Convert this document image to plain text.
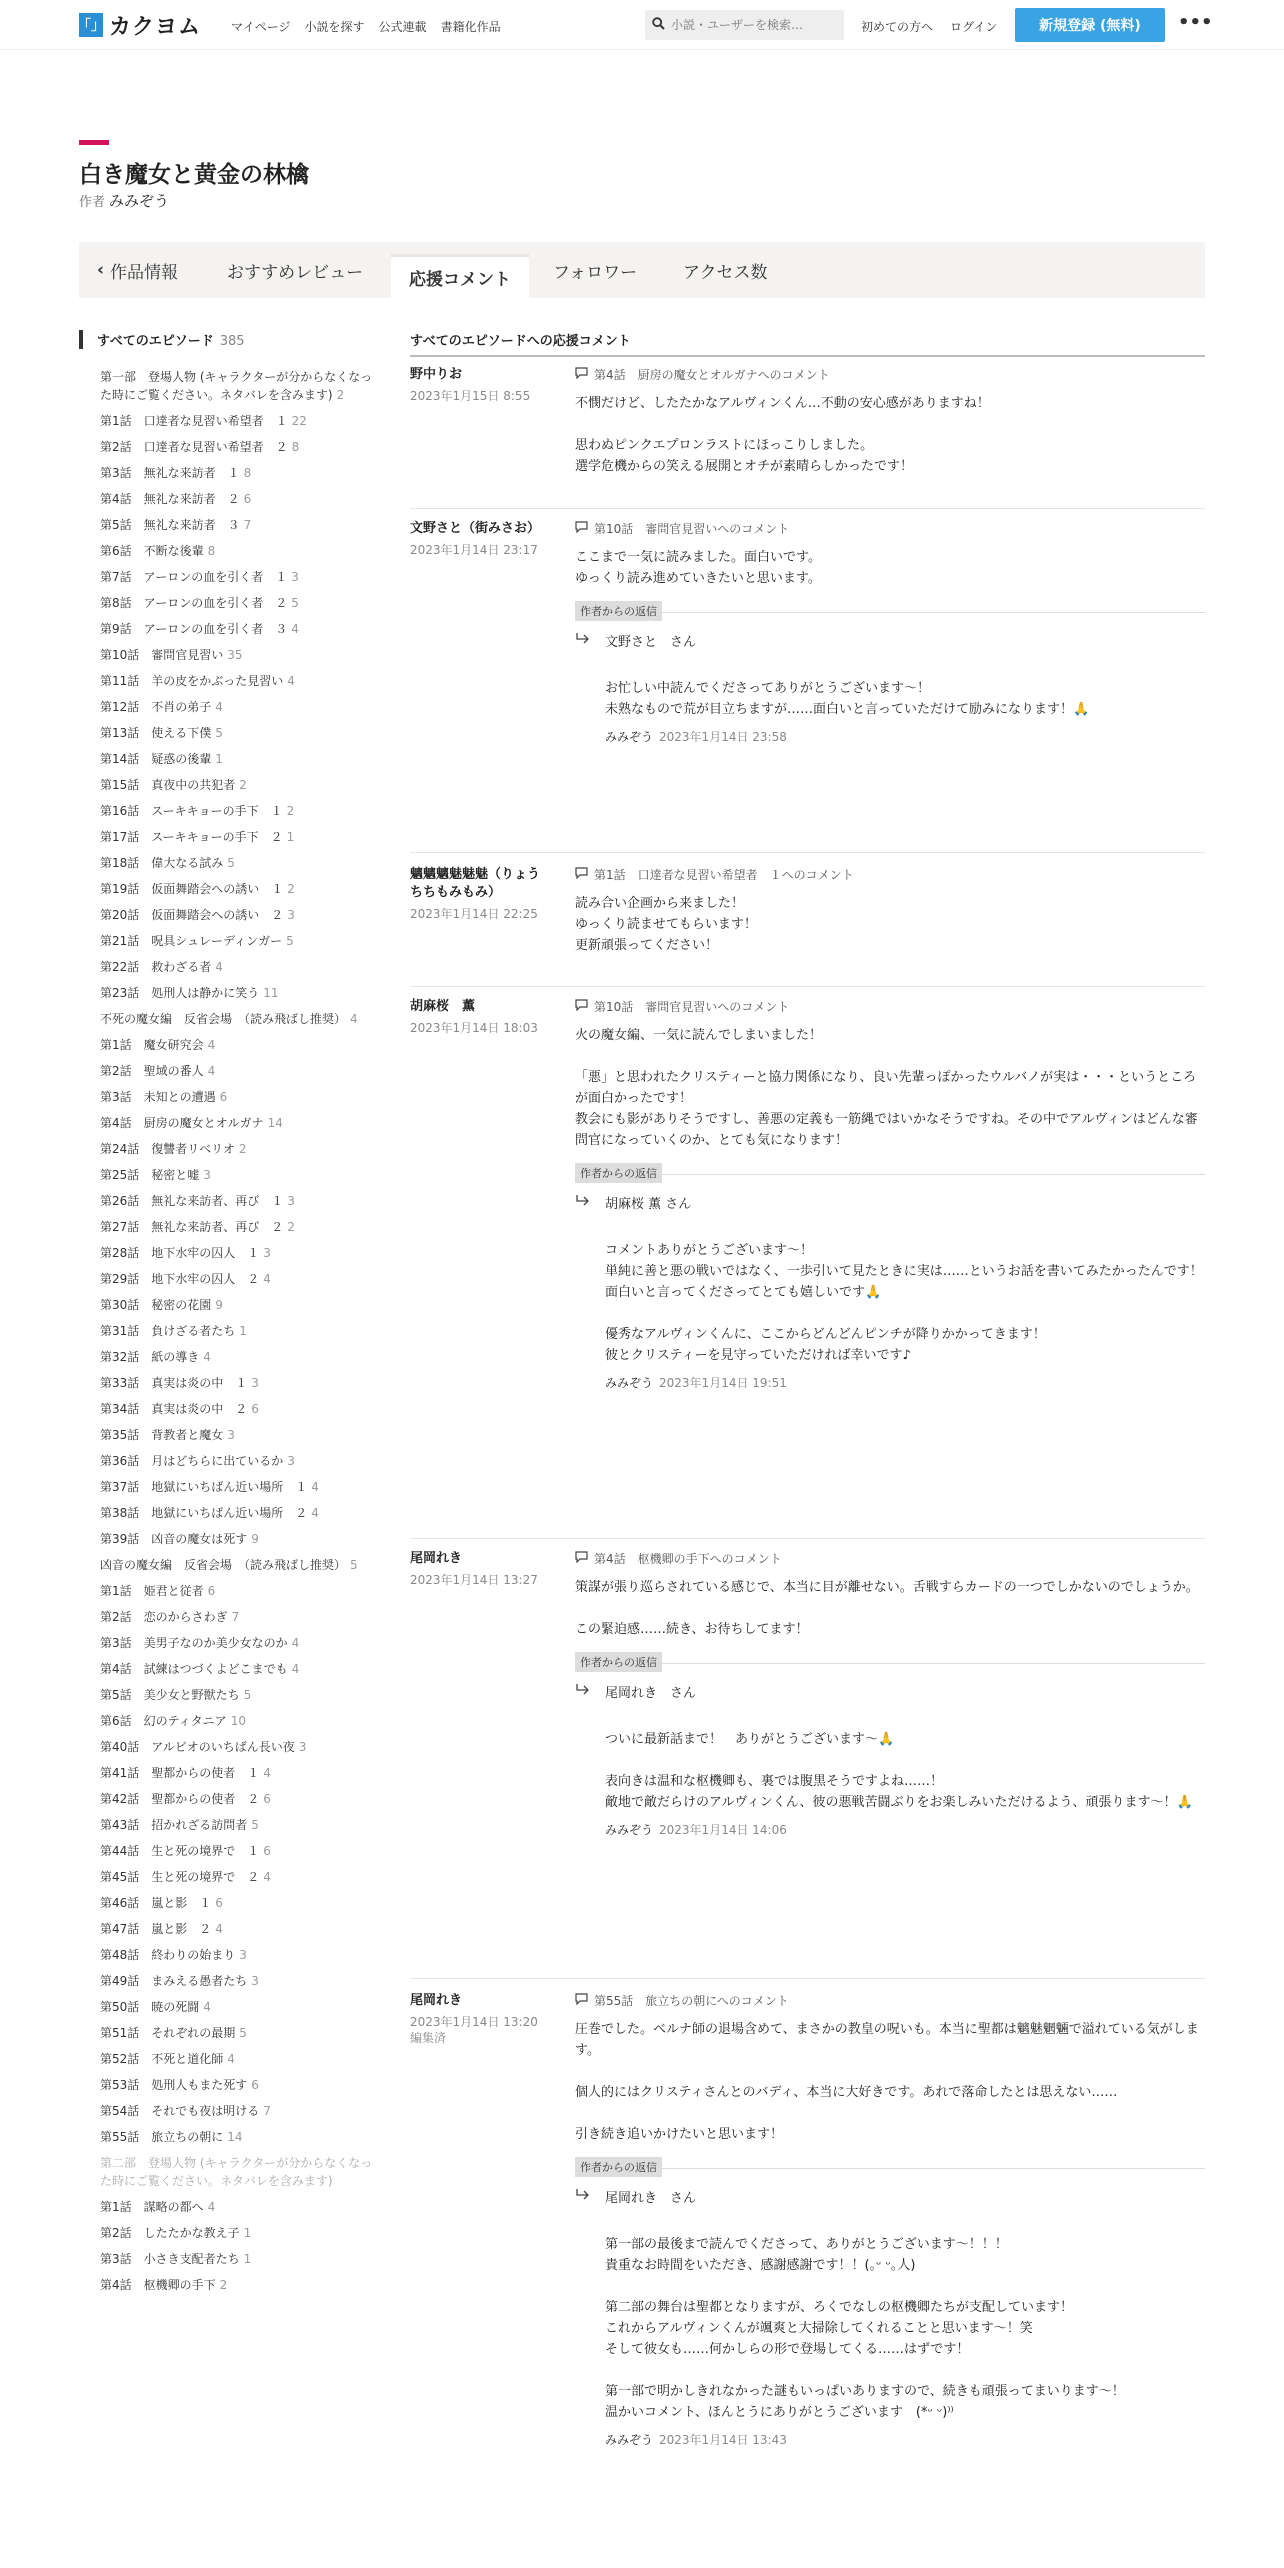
「」 カクヨム マイページ 小説を探す 公式連載 書籍化作品
小説・ユーザーを検索…	初めての方へ ログイン	新規登録 (無料)	•••
白き魔女と黄金の林檎
作者 みみぞう
‹ 作品情報	おすすめレビュー	応援コメント	フォロワー	アクセス数
すべてのエピソード 385
第一部　登場人物 (キャラクターが分からなくなった時にご覧ください。ネタバレを含みます) 2
第1話　口達者な見習い希望者　１ 22
第2話　口達者な見習い希望者　２ 8
第3話　無礼な来訪者　１ 8
第4話　無礼な来訪者　２ 6
第5話　無礼な来訪者　３ 7
第6話　不断な後輩 8
第7話　アーロンの血を引く者　１ 3
第8話　アーロンの血を引く者　２ 5
第9話　アーロンの血を引く者　３ 4
第10話　審問官見習い 35
第11話　羊の皮をかぶった見習い 4
第12話　不肖の弟子 4
第13話　使える下僕 5
第14話　疑惑の後輩 1
第15話　真夜中の共犯者 2
第16話　スーキキョーの手下　１ 2
第17話　スーキキョーの手下　２ 1
第18話　偉大なる試み 5
第19話　仮面舞踏会への誘い　１ 2
第20話　仮面舞踏会への誘い　２ 3
第21話　呪具シュレーディンガー 5
第22話　救わざる者 4
第23話　処刑人は静かに笑う 11
不死の魔女編　反省会場　（読み飛ばし推奨） 4
第1話　魔女研究会 4
第2話　聖域の番人 4
第3話　未知との遭遇 6
第4話　厨房の魔女とオルガナ 14
第24話　復讐者リベリオ 2
第25話　秘密と嘘 3
第26話　無礼な来訪者、再び　１ 3
第27話　無礼な来訪者、再び　２ 2
第28話　地下水牢の囚人　１ 3
第29話　地下水牢の囚人　２ 4
第30話　秘密の花園 9
第31話　負けざる者たち 1
第32話　紙の導き 4
第33話　真実は炎の中　１ 3
第34話　真実は炎の中　２ 6
第35話　背教者と魔女 3
第36話　月はどちらに出ているか 3
第37話　地獄にいちばん近い場所　１ 4
第38話　地獄にいちばん近い場所　２ 4
第39話　凶音の魔女は死す 9
凶音の魔女編　反省会場　（読み飛ばし推奨） 5
第1話　姫君と従者 6
第2話　恋のからさわぎ 7
第3話　美男子なのか美少女なのか 4
第4話　試練はつづくよどこまでも 4
第5話　美少女と野獣たち 5
第6話　幻のティタニア 10
第40話　アルビオのいちばん長い夜 3
第41話　聖都からの使者　１ 4
第42話　聖都からの使者　２ 6
第43話　招かれざる訪問者 5
第44話　生と死の境界で　１ 6
第45話　生と死の境界で　２ 4
第46話　嵐と影　１ 6
第47話　嵐と影　２ 4
第48話　終わりの始まり 3
第49話　まみえる愚者たち 3
第50話　暁の死闘 4
第51話　それぞれの最期 5
第52話　不死と道化師 4
第53話　処刑人もまた死す 6
第54話　それでも夜は明ける 7
第55話　旅立ちの朝に 14
第二部　登場人物 (キャラクターが分からなくなった時にご覧ください。ネタバレを含みます)
第1話　謀略の都へ 4
第2話　したたかな教え子 1
第3話　小さき支配者たち 1
第4話　枢機卿の手下 2
すべてのエピソードへの応援コメント
野中りお
2023年1月15日 8:55
第4話　厨房の魔女とオルガナへのコメント
不憫だけど、したたかなアルヴィンくん…不動の安心感がありますね！

思わぬピンクエプロンラストにほっこりしました。
選学危機からの笑える展開とオチが素晴らしかったです！
文野さと（街みさお）
2023年1月14日 23:17
第10話　審問官見習いへのコメント
ここまで一気に読みました。面白いです。
ゆっくり読み進めていきたいと思います。
作者からの返信
文野さと　さん
お忙しい中読んでくださってありがとうございます～！
未熟なもので荒が目立ちますが……面白いと言っていただけて励みになります！🙏
みみぞう 2023年1月14日 23:58
魑魑魑魅魅魅（りょうちちもみもみ）
2023年1月14日 22:25
第1話　口達者な見習い希望者　１へのコメント
読み合い企画から来ました！
ゆっくり読ませてもらいます！
更新頑張ってください！
胡麻桜　薫
2023年1月14日 18:03
第10話　審問官見習いへのコメント
火の魔女編、一気に読んでしまいました！

「悪」と思われたクリスティーと協力関係になり、良い先輩っぽかったウルバノが実は・・・というところが面白かったです！
教会にも影がありそうですし、善悪の定義も一筋縄ではいかなそうですね。その中でアルヴィンはどんな審問官になっていくのか、とても気になります！
作者からの返信
胡麻桜 薫 さん
コメントありがとうございます～！
単純に善と悪の戦いではなく、一歩引いて見たときに実は……というお話を書いてみたかったんです！
面白いと言ってくださってとても嬉しいです🙏

優秀なアルヴィンくんに、ここからどんどんピンチが降りかかってきます！
彼とクリスティーを見守っていただければ幸いです♪
みみぞう 2023年1月14日 19:51
尾岡れき
2023年1月14日 13:27
第4話　枢機卿の手下へのコメント
策謀が張り巡らされている感じで、本当に目が離せない。舌戦すらカードの一つでしかないのでしょうか。

この緊迫感……続き、お待ちしてます！
作者からの返信
尾岡れき　さん
ついに最新話まで！　ありがとうございます～🙏

表向きは温和な枢機卿も、裏では腹黒そうですよね……！
敵地で敵だらけのアルヴィンくん、彼の悪戦苦闘ぶりをお楽しみいただけるよう、頑張ります～！🙏
みみぞう 2023年1月14日 14:06
尾岡れき
2023年1月14日 13:20
編集済
第55話　旅立ちの朝にへのコメント
圧巻でした。ベルナ師の退場含めて、まさかの教皇の呪いも。本当に聖都は魑魅魍魎で溢れている気がします。

個人的にはクリスティさんとのバディ、本当に大好きです。あれで落命したとは思えない……

引き続き追いかけたいと思います！
作者からの返信
尾岡れき　さん
第一部の最後まで読んでくださって、ありがとうございます～！！！
貴重なお時間をいただき、感謝感謝です！！(｡ᵕ ᵕ｡人)

第二部の舞台は聖都となりますが、ろくでなしの枢機卿たちが支配しています！
これからアルヴィンくんが颯爽と大掃除してくれることと思います～！笑
そして彼女も……何かしらの形で登場してくる……はずです！

第一部で明かしきれなかった謎もいっぱいありますので、続きも頑張ってまいります～！
温かいコメント、ほんとうにありがとうございます　(*ᵕ ᵕ)⁾⁾
みみぞう 2023年1月14日 13:43
